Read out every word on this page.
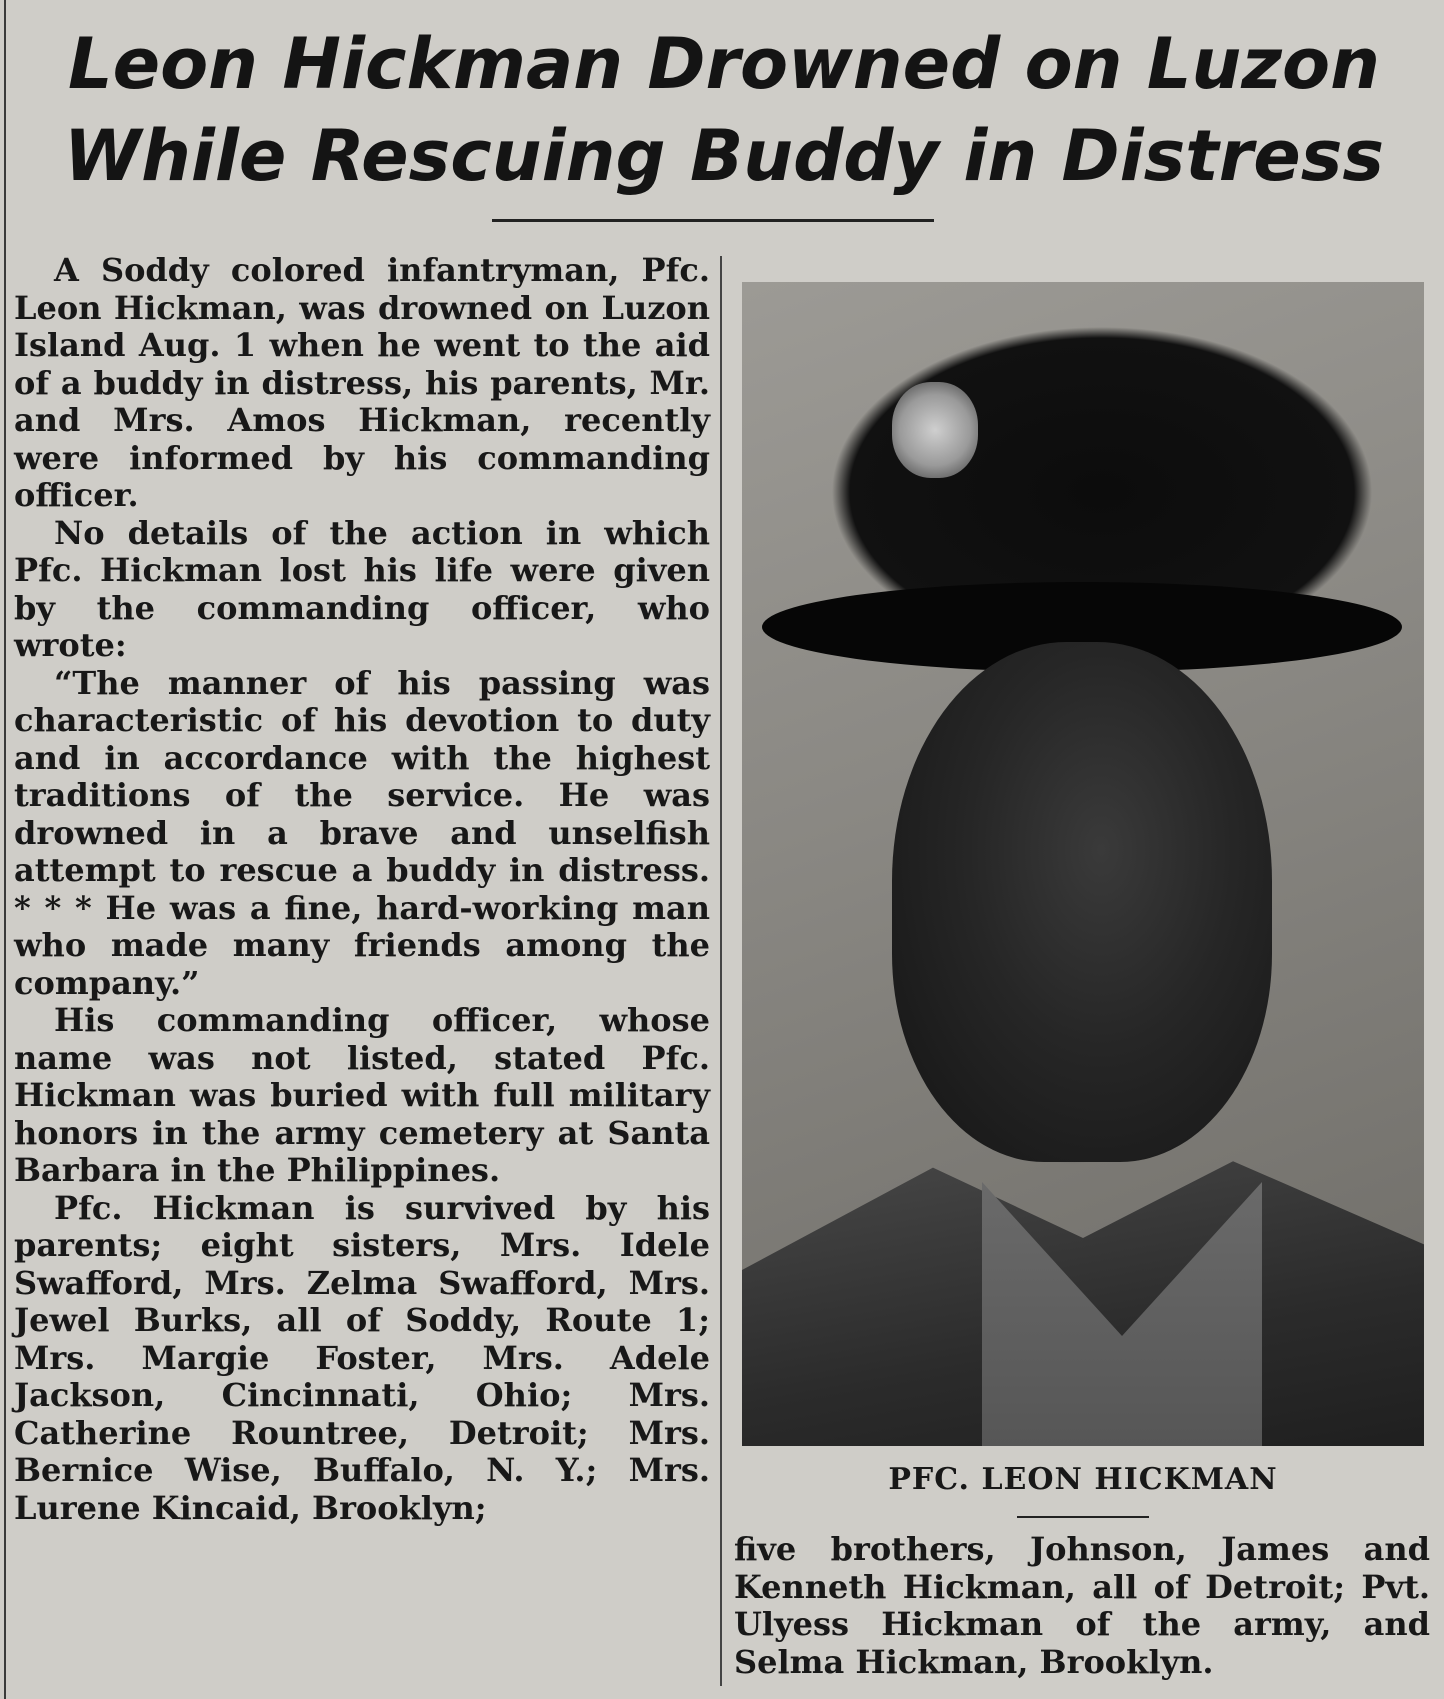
Leon Hickman Drowned on Luzon
While Rescuing Buddy in Distress

A Soddy colored infantryman, Pfc. Leon Hickman, was drowned on Luzon Island Aug. 1 when he went to the aid of a buddy in distress, his parents, Mr. and Mrs. Amos Hickman, recently were informed by his commanding officer.

No details of the action in which Pfc. Hickman lost his life were given by the commanding officer, who wrote:

“The manner of his passing was characteristic of his devotion to duty and in accordance with the highest traditions of the service. He was drowned in a brave and unselfish attempt to rescue a buddy in distress. * * * He was a fine, hard-working man who made many friends among the company.”

His commanding officer, whose name was not listed, stated Pfc. Hickman was buried with full military honors in the army cemetery at Santa Barbara in the Philippines.

Pfc. Hickman is survived by his parents; eight sisters, Mrs. Idele Swafford, Mrs. Zelma Swafford, Mrs. Jewel Burks, all of Soddy, Route 1; Mrs. Margie Foster, Mrs. Adele Jackson, Cincinnati, Ohio; Mrs. Catherine Rountree, Detroit; Mrs. Bernice Wise, Buffalo, N. Y.; Mrs. Lurene Kincaid, Brooklyn;

PFC. LEON HICKMAN

five brothers, Johnson, James and Kenneth Hickman, all of Detroit; Pvt. Ulyess Hickman of the army, and Selma Hickman, Brooklyn.
